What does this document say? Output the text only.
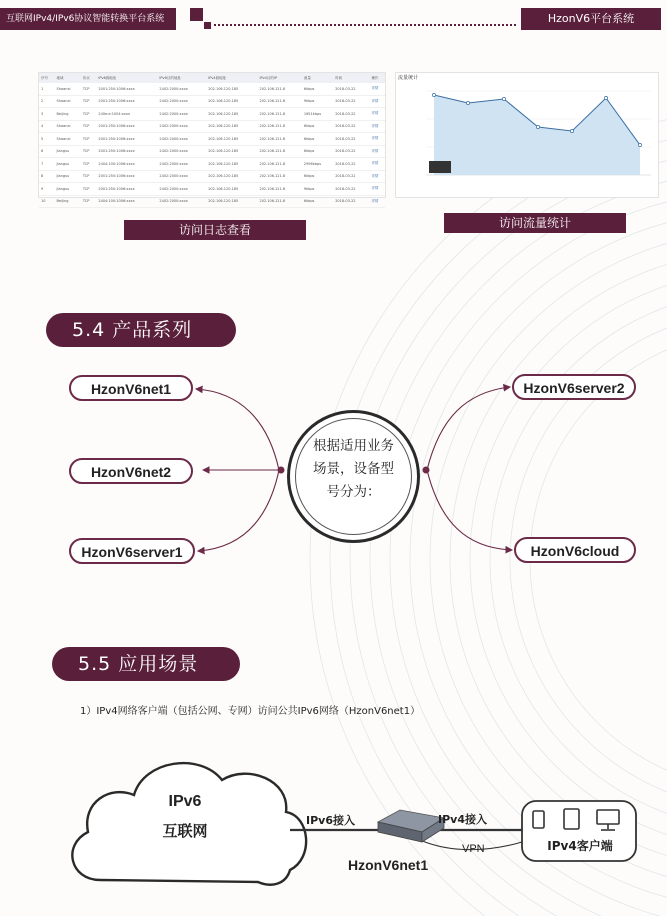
互联网IPv4/IPv6协议智能转换平台系统	HzonV6平台系统
序号	地域	协议	IPv6源地址	IPv6目的地址	IPv4源地址	IPv4目的IP	流量	时间	操作
1	Shaanxi	TCP	2001:250:1006:xxxx	2402:2000:xxxx	202.106.120.185	202.106.121.8	6kbps	2018-03-22	详情
2	Shaanxi	TCP	2001:250:1006:xxxx	2402:2000:xxxx	202.106.120.185	202.106.121.8	9kbps	2018-03-22	详情
3	Beijing	TCP	240e:e:1004:xxxx	2402:2000:xxxx	202.106.120.185	202.106.121.8	1651kbps	2018-03-22	详情
4	Shaanxi	TCP	2001:250:1006:xxxx	2402:2000:xxxx	202.106.120.185	202.106.121.8	6kbps	2018-03-22	详情
5	Shaanxi	TCP	2001:250:1006:xxxx	2402:2000:xxxx	202.106.120.185	202.106.121.8	6kbps	2018-03-22	详情
6	Jiangsu	TCP	2001:250:1006:xxxx	2402:2000:xxxx	202.106.120.185	202.106.121.8	6kbps	2018-03-22	详情
7	Jiangsu	TCP	2404:100:1006:xxxx	2402:2000:xxxx	202.106.120.185	202.106.121.8	2996kbps	2018-03-22	详情
8	Jiangsu	TCP	2001:250:1006:xxxx	2402:2000:xxxx	202.106.120.185	202.106.121.8	6kbps	2018-03-22	详情
9	Jiangsu	TCP	2001:250:1006:xxxx	2402:2000:xxxx	202.106.120.185	202.106.121.8	9kbps	2018-03-22	详情
10	Beijing	TCP	2404:100:1006:xxxx	2402:2000:xxxx	202.106.120.185	202.106.121.8	6kbps	2018-03-22	详情
流量统计
访问日志查看	访问流量统计
5.4 产品系列
根据适用业务
场景，设备型
号分为：
HzonV6net1
HzonV6net2
HzonV6server1
HzonV6server2
HzonV6cloud
5.5 应用场景
1）IPv4网络客户端（包括公网、专网）访问公共IPv6网络（HzonV6net1）
IPv6
互联网
IPv6接入	IPv4接入
VPN
HzonV6net1
IPv4客户端
